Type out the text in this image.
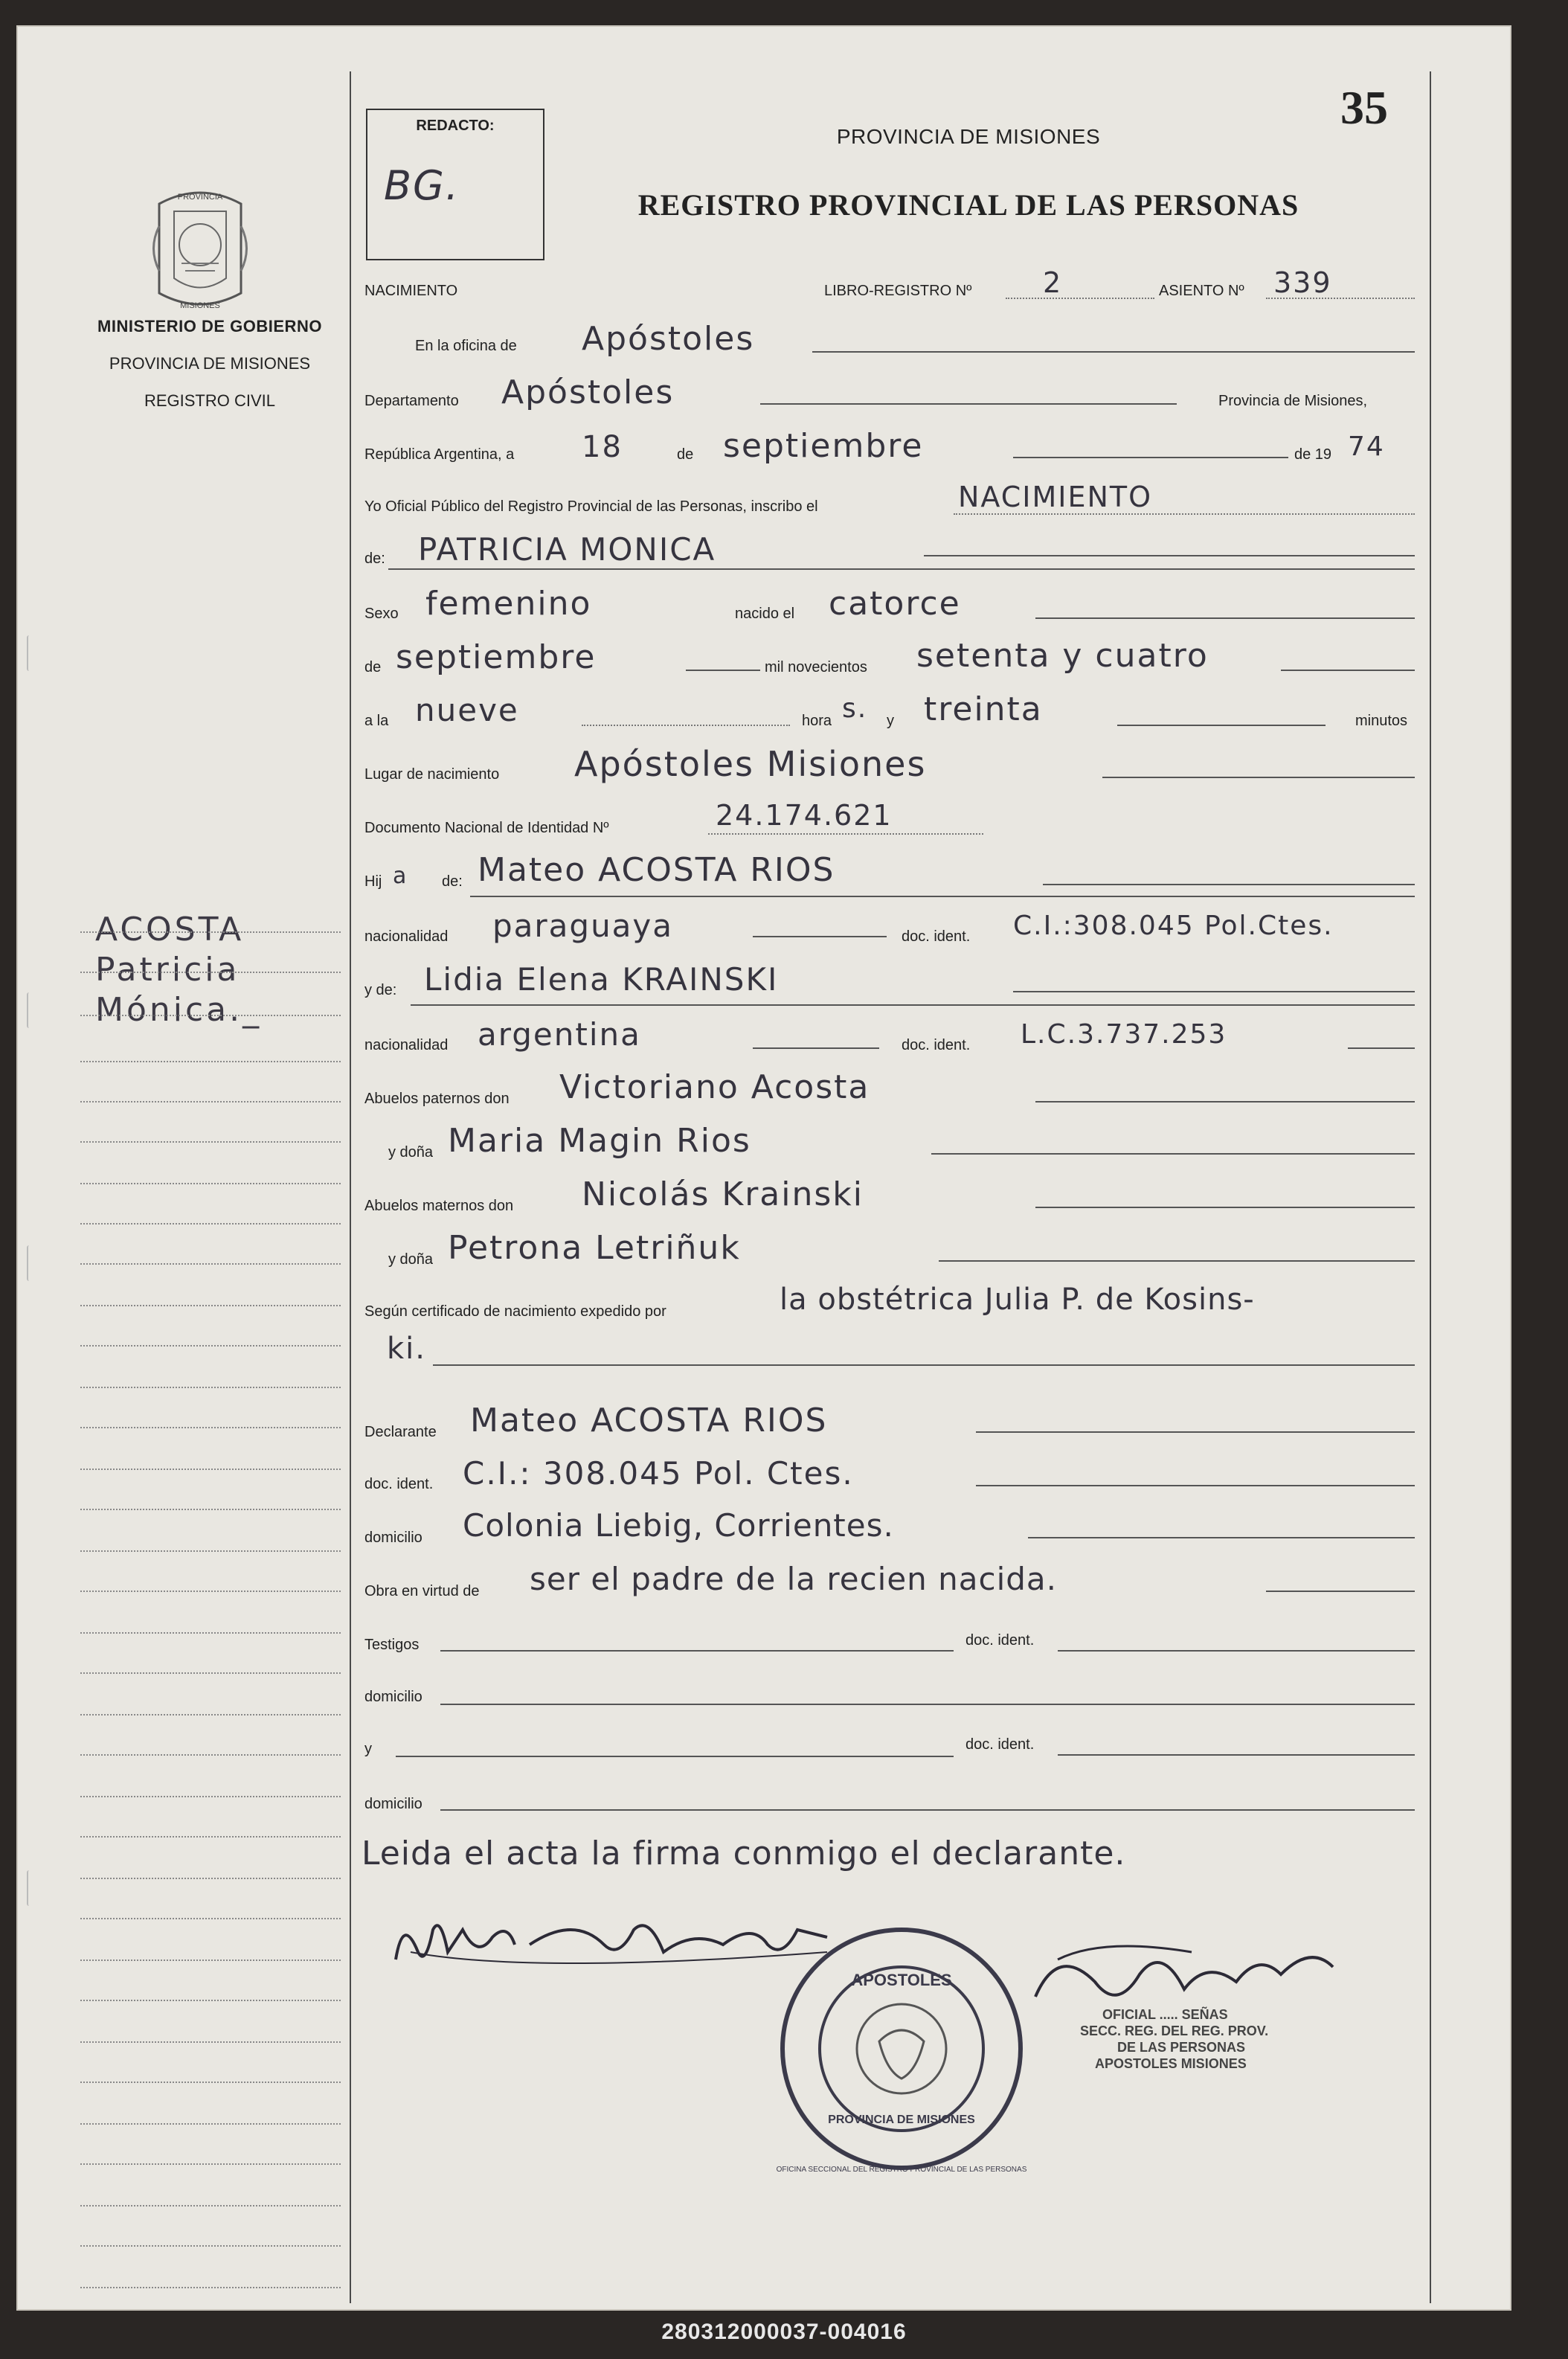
PROVINCIA
MISIONES
MINISTERIO DE GOBIERNO
PROVINCIA DE MISIONES
REGISTRO CIVIL
ACOSTA
Patricia
Mónica._
REDACTO:
BG.
35
PROVINCIA DE MISIONES
REGISTRO PROVINCIAL DE LAS PERSONAS
NACIMIENTO	LIBRO-REGISTRO Nº	2	ASIENTO Nº 339
En la oficina de Apóstoles
Departamento Apóstoles	Provincia de Misiones,
República Argentina, a 18	de septiembre	de 19 74
Yo Oficial Público del Registro Provincial de las Personas, inscribo el	NACIMIENTO
de: PATRICIA MONICA
Sexo femenino	nacido el catorce
de septiembre	mil novecientos setenta y cuatro
a la nueve	hora s. y treinta	minutos
Lugar de nacimiento Apóstoles Misiones
Documento Nacional de Identidad Nº	24.174.621
Hij a de: Mateo ACOSTA RIOS
nacionalidad paraguaya	doc. ident. C.I.:308.045 Pol.Ctes.
y de: Lidia Elena KRAINSKI
nacionalidad argentina	doc. ident. L.C.3.737.253
Abuelos paternos don Victoriano Acosta
y doña Maria Magin Rios
Abuelos maternos don Nicolás Krainski
y doña Petrona Letriñuk
Según certificado de nacimiento expedido por	la obstétrica Julia P. de Kosins-
ki.
Declarante Mateo ACOSTA RIOS
doc. ident. C.I.: 308.045 Pol. Ctes.
domicilio Colonia Liebig, Corrientes.
Obra en virtud de ser el padre de la recien nacida.
Testigos	doc. ident.
domicilio
y	doc. ident.
domicilio
Leida el acta la firma conmigo el declarante.
APOSTOLES
PROVINCIA DE MISIONES
OFICINA SECCIONAL DEL REGISTRO PROVINCIAL DE LAS PERSONAS
OFICIAL ..... SEÑAS
SECC. REG. DEL REG. PROV.
DE LAS PERSONAS
APOSTOLES MISIONES
280312000037-004016
